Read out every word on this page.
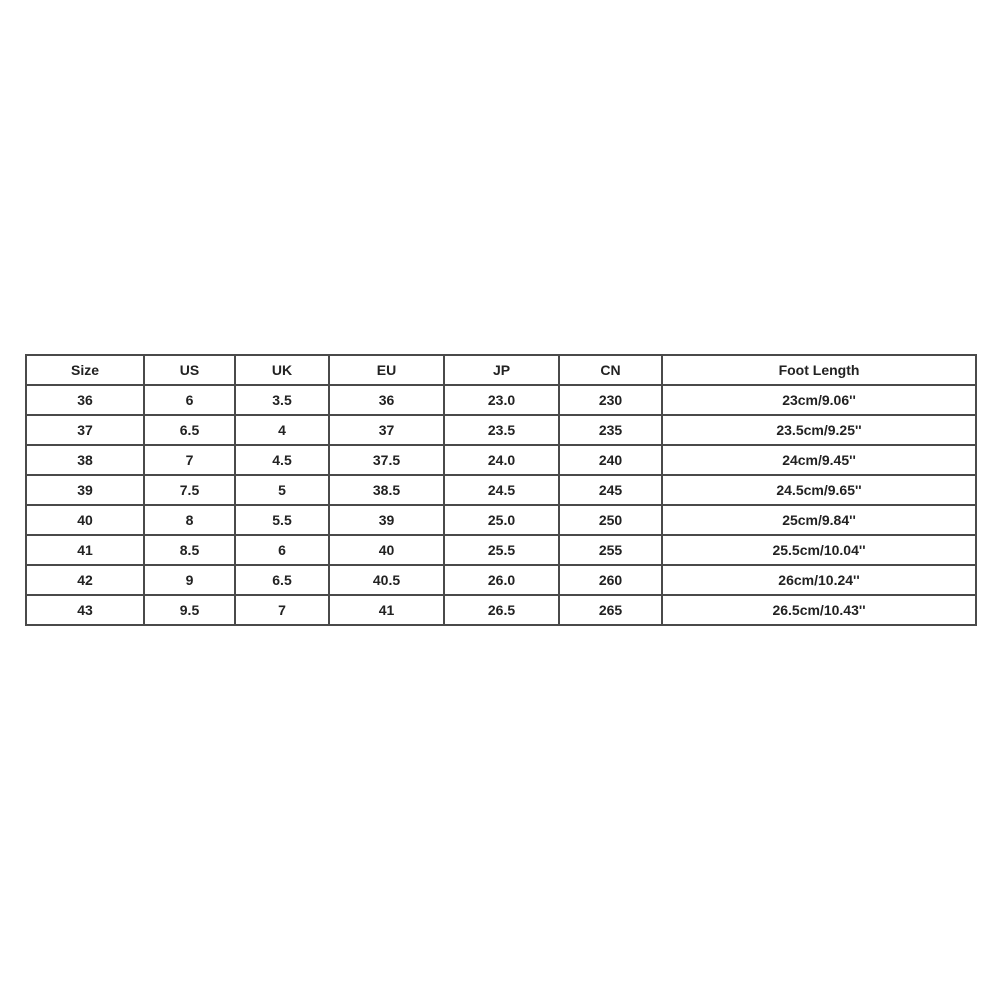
Size	US	UK	EU	JP	CN	Foot Length
36	6	3.5	36	23.0	230	23cm/9.06''
37	6.5	4	37	23.5	235	23.5cm/9.25''
38	7	4.5	37.5	24.0	240	24cm/9.45''
39	7.5	5	38.5	24.5	245	24.5cm/9.65''
40	8	5.5	39	25.0	250	25cm/9.84''
41	8.5	6	40	25.5	255	25.5cm/10.04''
42	9	6.5	40.5	26.0	260	26cm/10.24''
43	9.5	7	41	26.5	265	26.5cm/10.43''
